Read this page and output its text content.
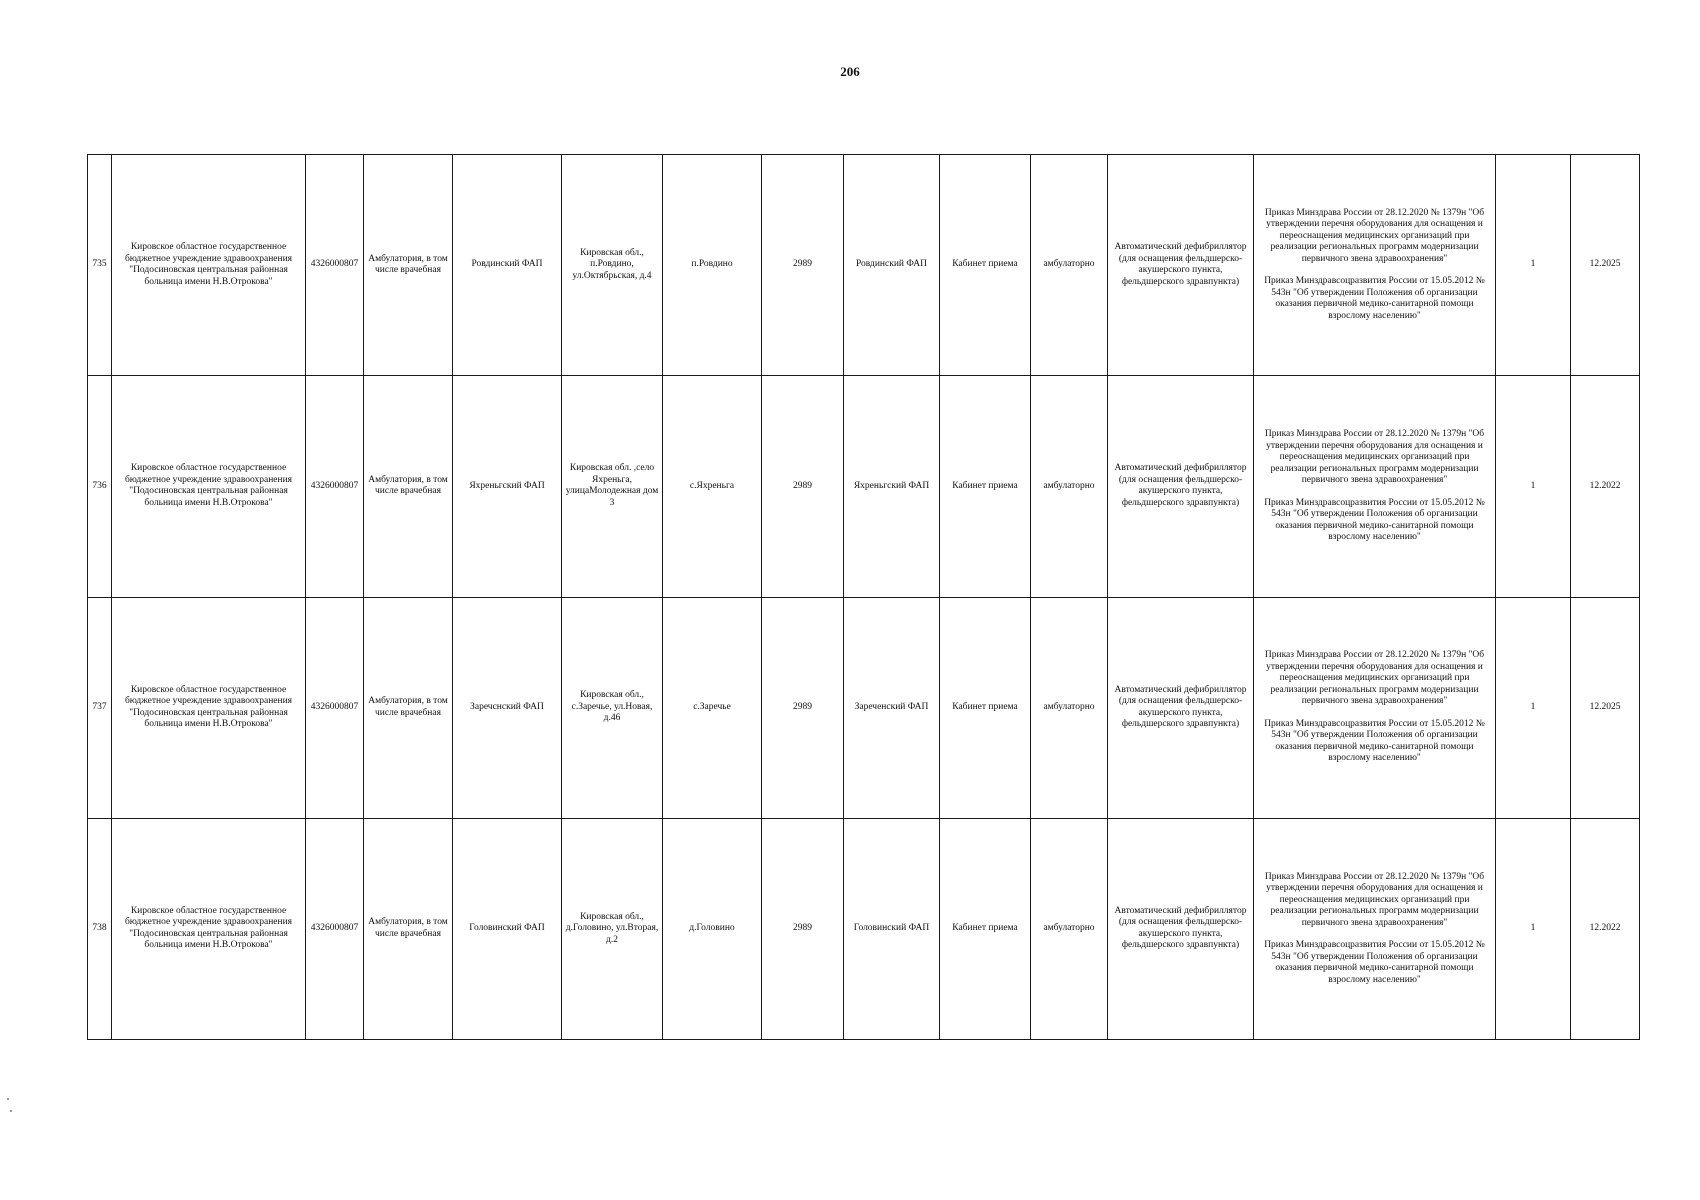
206
735	Кировское областное государственное бюджетное учреждение здравоохранения "Подосиновская центральная районная больница имени Н.В.Отрокова"	4326000807	Амбулатория, в том числе врачебная	Ровдинский ФАП	Кировская обл., п.Ровдино, ул.Октябрьская, д.4	п.Ровдино	2989	Ровдинский ФАП	Кабинет приема	амбулаторно	Автоматический дефибриллятор (для оснащения фельдшерско-акушерского пункта, фельдшерского здравпункта)	Приказ Минздрава России от 28.12.2020 № 1379н "Об утверждении перечня оборудования для оснащения и переоснащения медицинских организаций при реализации региональных программ модернизации первичного звена здравоохранения"
Приказ Минздравсоцразвития России от 15.05.2012 № 543н "Об утверждении Положения об организации оказания первичной медико-санитарной помощи взрослому населению"	1	12.2025
736	Кировское областное государственное бюджетное учреждение здравоохранения "Подосиновская центральная районная больница имени Н.В.Отрокова"	4326000807	Амбулатория, в том числе врачебная	Яхреньгский ФАП	Кировская обл. ,село Яхреньга, улицаМолодежная дом 3	с.Яхреньга	2989	Яхреньгский ФАП	Кабинет приема	амбулаторно	Автоматический дефибриллятор (для оснащения фельдшерско-акушерского пункта, фельдшерского здравпункта)	Приказ Минздрава России от 28.12.2020 № 1379н "Об утверждении перечня оборудования для оснащения и переоснащения медицинских организаций при реализации региональных программ модернизации первичного звена здравоохранения"
Приказ Минздравсоцразвития России от 15.05.2012 № 543н "Об утверждении Положения об организации оказания первичной медико-санитарной помощи взрослому населению"	1	12.2022
737	Кировское областное государственное бюджетное учреждение здравоохранения "Подосиновская центральная районная больница имени Н.В.Отрокова"	4326000807	Амбулатория, в том числе врачебная	Заречснский ФАП	Кировская обл., с.Заречье, ул.Новая, д.46	с.Заречье	2989	Зареченский ФАП	Кабинет приема	амбулаторно	Автоматический дефибриллятор (для оснащения фельдшерско-акушерского пункта, фельдшерского здравпункта)	Приказ Минздрава России от 28.12.2020 № 1379н "Об утверждении перечня оборудования для оснащения и переоснащения медицинских организаций при реализации региональных программ модернизации первичного звена здравоохранения"
Приказ Минздравсоцразвития России от 15.05.2012 № 543н "Об утверждении Положения об организации оказания первичной медико-санитарной помощи взрослому населению"	1	12.2025
738	Кировское областное государственное бюджетное учреждение здравоохранения "Подосиновская центральная районная больница имени Н.В.Отрокова"	4326000807	Амбулатория, в том числе врачебная	Головинский ФАП	Кировская обл., д.Головино, ул.Вторая, д.2	д.Головино	2989	Головинский ФАП	Кабинет приема	амбулаторно	Автоматический дефибриллятор (для оснащения фельдшерско-акушерского пункта, фельдшерского здравпункта)	Приказ Минздрава России от 28.12.2020 № 1379н "Об утверждении перечня оборудования для оснащения и переоснащения медицинских организаций при реализации региональных программ модернизации первичного звена здравоохранения"
Приказ Минздравсоцразвития России от 15.05.2012 № 543н "Об утверждении Положения об организации оказания первичной медико-санитарной помощи взрослому населению"	1	12.2022
